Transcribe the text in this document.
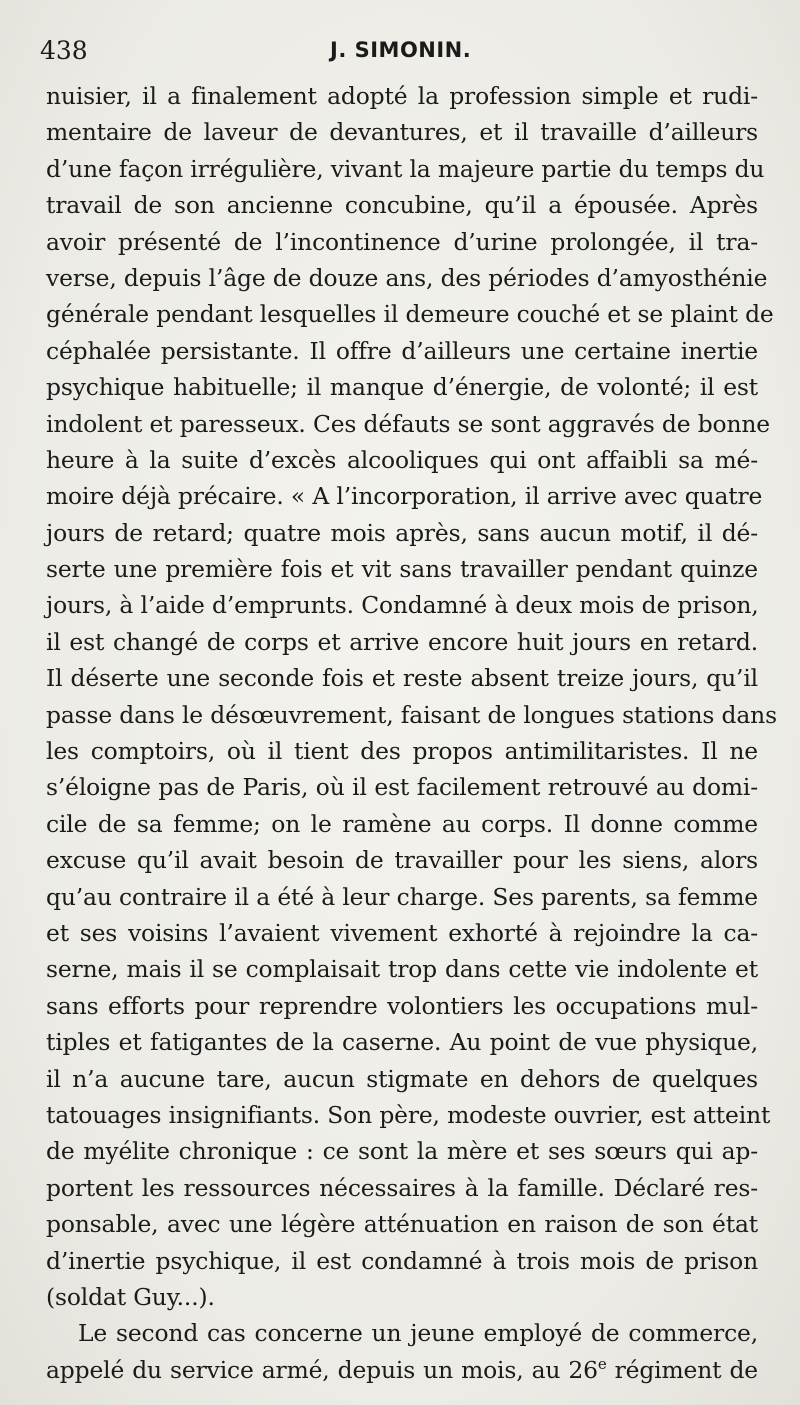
438	J. SIMONIN.
nuisier, il a finalement adopté la profession simple et rudi-
mentaire de laveur de devantures, et il travaille d’ailleurs
d’une façon irrégulière, vivant la majeure partie du temps du
travail de son ancienne concubine, qu’il a épousée. Après
avoir présenté de l’incontinence d’urine prolongée, il tra-
verse, depuis l’âge de douze ans, des périodes d’amyosthénie
générale pendant lesquelles il demeure couché et se plaint de
céphalée persistante. Il offre d’ailleurs une certaine inertie
psychique habituelle; il manque d’énergie, de volonté; il est
indolent et paresseux. Ces défauts se sont aggravés de bonne
heure à la suite d’excès alcooliques qui ont affaibli sa mé-
moire déjà précaire. « A l’incorporation, il arrive avec quatre
jours de retard; quatre mois après, sans aucun motif, il dé-
serte une première fois et vit sans travailler pendant quinze
jours, à l’aide d’emprunts. Condamné à deux mois de prison,
il est changé de corps et arrive encore huit jours en retard.
Il déserte une seconde fois et reste absent treize jours, qu’il
passe dans le désœuvrement, faisant de longues stations dans
les comptoirs, où il tient des propos antimilitaristes. Il ne
s’éloigne pas de Paris, où il est facilement retrouvé au domi-
cile de sa femme; on le ramène au corps. Il donne comme
excuse qu’il avait besoin de travailler pour les siens, alors
qu’au contraire il a été à leur charge. Ses parents, sa femme
et ses voisins l’avaient vivement exhorté à rejoindre la ca-
serne, mais il se complaisait trop dans cette vie indolente et
sans efforts pour reprendre volontiers les occupations mul-
tiples et fatigantes de la caserne. Au point de vue physique,
il n’a aucune tare, aucun stigmate en dehors de quelques
tatouages insignifiants. Son père, modeste ouvrier, est atteint
de myélite chronique : ce sont la mère et ses sœurs qui ap-
portent les ressources nécessaires à la famille. Déclaré res-
ponsable, avec une légère atténuation en raison de son état
d’inertie psychique, il est condamné à trois mois de prison
(soldat Guy...).
Le second cas concerne un jeune employé de commerce,
appelé du service armé, depuis un mois, au 26e régiment de
